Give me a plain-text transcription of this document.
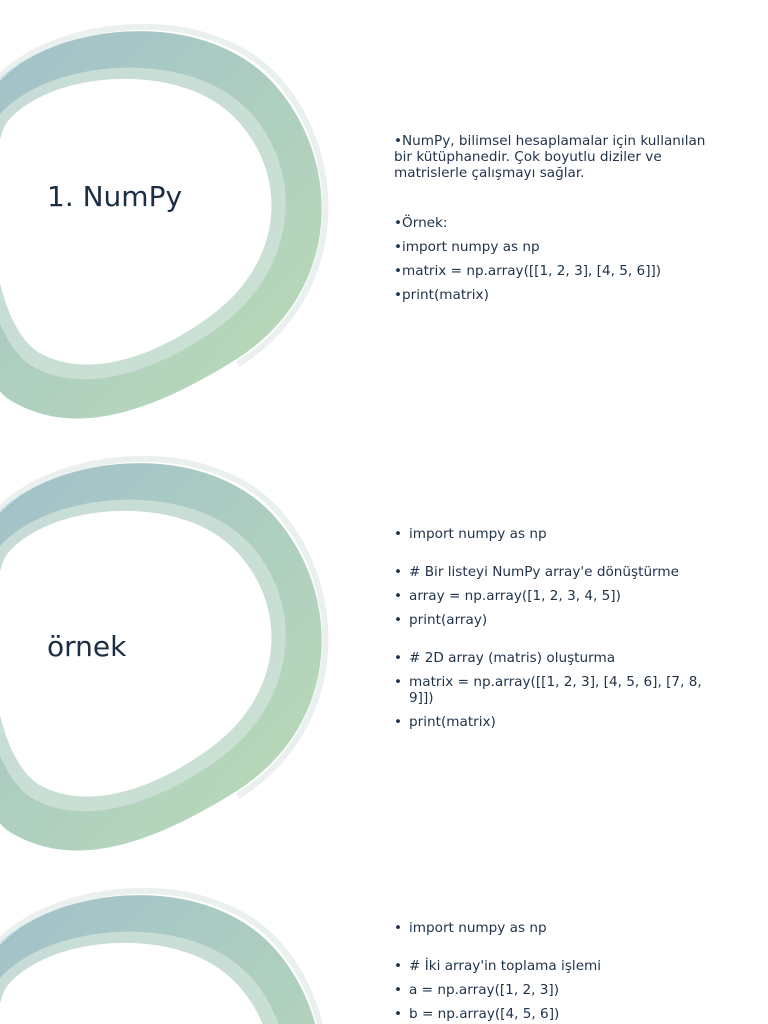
1. NumPy

•NumPy, bilimsel hesaplamalar için kullanılan bir kütüphanedir. Çok boyutlu diziler ve matrislerle çalışmayı sağlar.

•Örnek:

•import numpy as np

•matrix = np.array([[1, 2, 3], [4, 5, 6]])

•print(matrix)

örnek
• import numpy as np
• # Bir listeyi NumPy array'e dönüştürme
• array = np.array([1, 2, 3, 4, 5])
• print(array)
• # 2D array (matris) oluşturma
• matrix = np.array([[1, 2, 3], [4, 5, 6], [7, 8, 9]])
• print(matrix)
• import numpy as np
• # İki array'in toplama işlemi
• a = np.array([1, 2, 3])
• b = np.array([4, 5, 6])
